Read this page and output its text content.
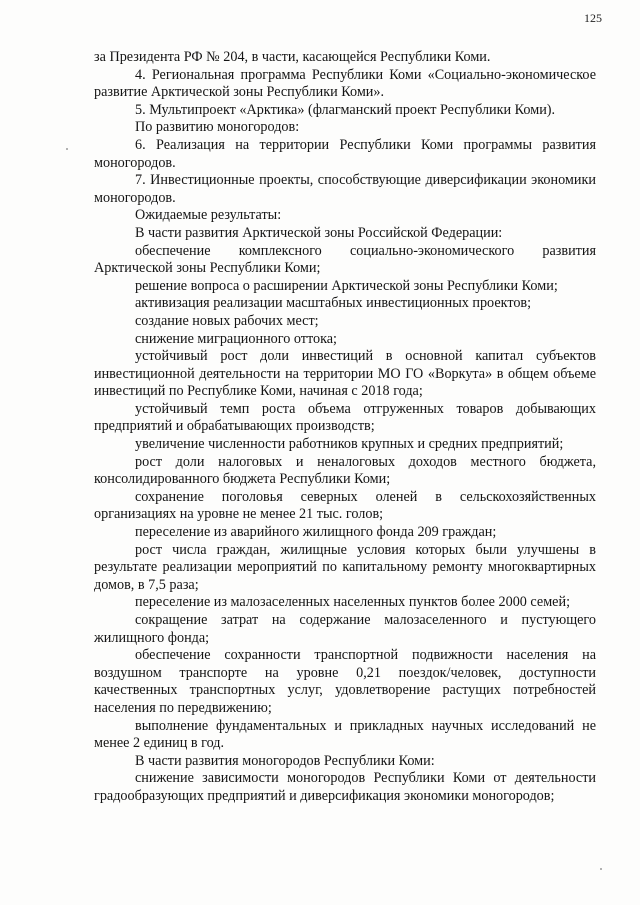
125

за Президента РФ № 204, в части, касающейся Республики Коми.

4. Региональная программа Республики Коми «Социально-экономическое развитие Арктической зоны Республики Коми».

5. Мультипроект «Арктика» (флагманский проект Республики Коми).

По развитию моногородов:

6. Реализация на территории Республики Коми программы развития моногородов.

7. Инвестиционные проекты, способствующие диверсификации экономики моногородов.

Ожидаемые результаты:

В части развития Арктической зоны Российской Федерации:

обеспечение комплексного социально-экономического развития Арктической зоны Республики Коми;

решение вопроса о расширении Арктической зоны Республики Коми;

активизация реализации масштабных инвестиционных проектов;

создание новых рабочих мест;

снижение миграционного оттока;

устойчивый рост доли инвестиций в основной капитал субъектов инвестиционной деятельности на территории МО ГО «Воркута» в общем объеме инвестиций по Республике Коми, начиная с 2018 года;

устойчивый темп роста объема отгруженных товаров добывающих предприятий и обрабатывающих производств;

увеличение численности работников крупных и средних предприятий;

рост доли налоговых и неналоговых доходов местного бюджета, консолидированного бюджета Республики Коми;

сохранение поголовья северных оленей в сельскохозяйственных организациях на уровне не менее 21 тыс. голов;

переселение из аварийного жилищного фонда 209 граждан;

рост числа граждан, жилищные условия которых были улучшены в результате реализации мероприятий по капитальному ремонту многоквартирных домов, в 7,5 раза;

переселение из малозаселенных населенных пунктов более 2000 семей;

сокращение затрат на содержание малозаселенного и пустующего жилищного фонда;

обеспечение сохранности транспортной подвижности населения на воздушном транспорте на уровне 0,21 поездок/человек, доступности качественных транспортных услуг, удовлетворение растущих потребностей населения по передвижению;

выполнение фундаментальных и прикладных научных исследований не менее 2 единиц в год.

В части развития моногородов Республики Коми:

снижение зависимости моногородов Республики Коми от деятельности градообразующих предприятий и диверсификация экономики моногородов;
